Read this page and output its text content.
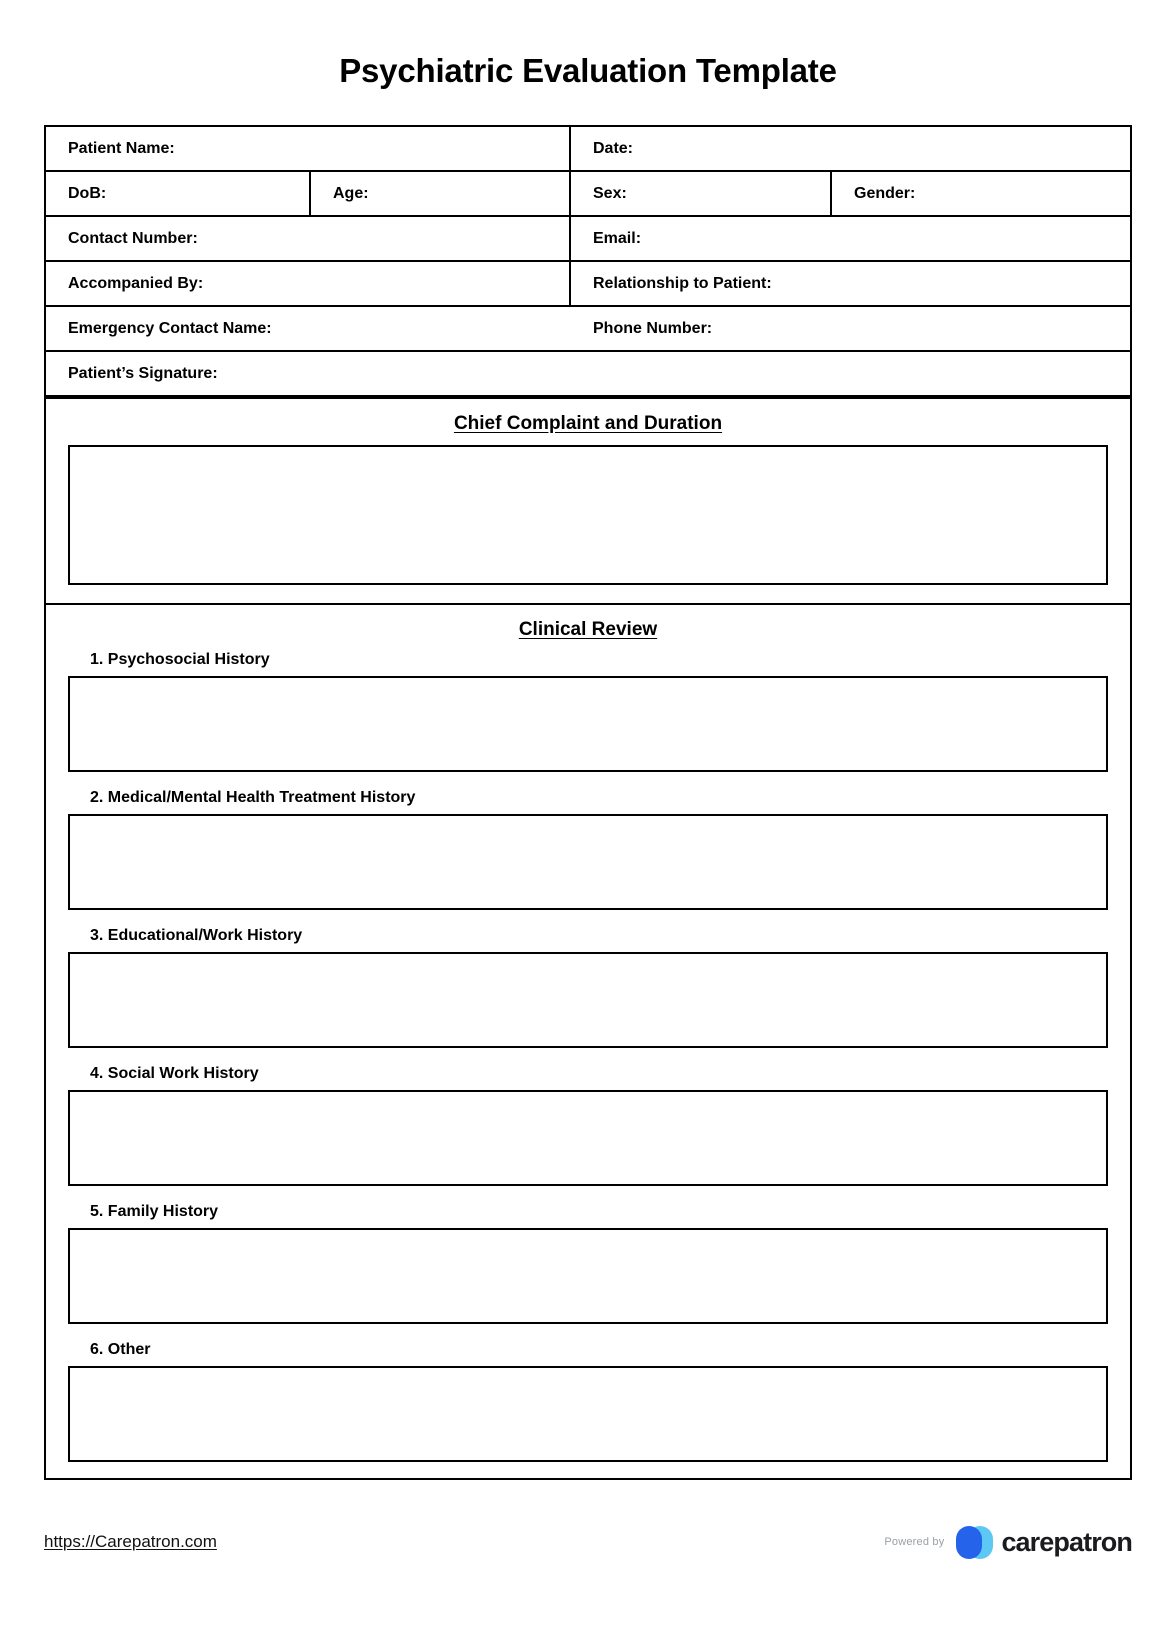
Psychiatric Evaluation Template
Patient Name:	Date:
DoB:	Age:	Sex:	Gender:
Contact Number:	Email:
Accompanied By:	Relationship to Patient:
Emergency Contact Name:	Phone Number:
Patient’s Signature:
Chief Complaint and Duration
Clinical Review
1. Psychosocial History
2. Medical/Mental Health Treatment History
3. Educational/Work History
4. Social Work History
5. Family History
6. Other
https://Carepatron.com	Powered by carepatron
